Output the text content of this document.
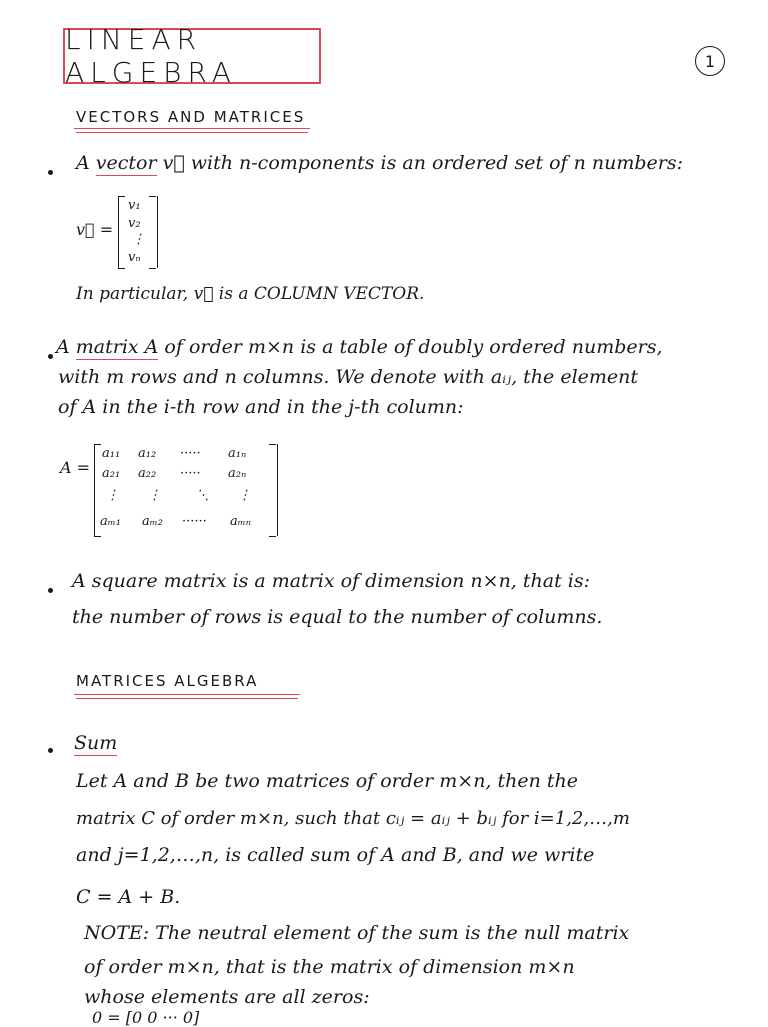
LINEAR ALGEBRA	1
VECTORS AND MATRICES
A vector v⃗ with n-components is an ordered set of n numbers:
v⃗ =
v₁
v₂
⋮
vₙ
In particular, v⃗ is a COLUMN VECTOR.
A matrix A of order m×n is a table of doubly ordered numbers,
with m rows and n columns. We denote with aᵢⱼ, the element
of A in the i-th row and in the j-th column:
A =
a₁₁ a₁₂ ····· a₁ₙ
a₂₁ a₂₂ ····· a₂ₙ
⋮ ⋮	⋱ ⋮
aₘ₁ aₘ₂ ······ aₘₙ
A square matrix is a matrix of dimension n×n, that is:
the number of rows is equal to the number of columns.
MATRICES ALGEBRA
Sum
Let A and B be two matrices of order m×n, then the
matrix C of order m×n, such that cᵢⱼ = aᵢⱼ + bᵢⱼ for i=1,2,…,m
and j=1,2,…,n, is called sum of A and B, and we write
C = A + B.
NOTE: The neutral element of the sum is the null matrix
of order m×n, that is the matrix of dimension m×n
whose elements are all zeros:
0 = [0 0 ··· 0]
